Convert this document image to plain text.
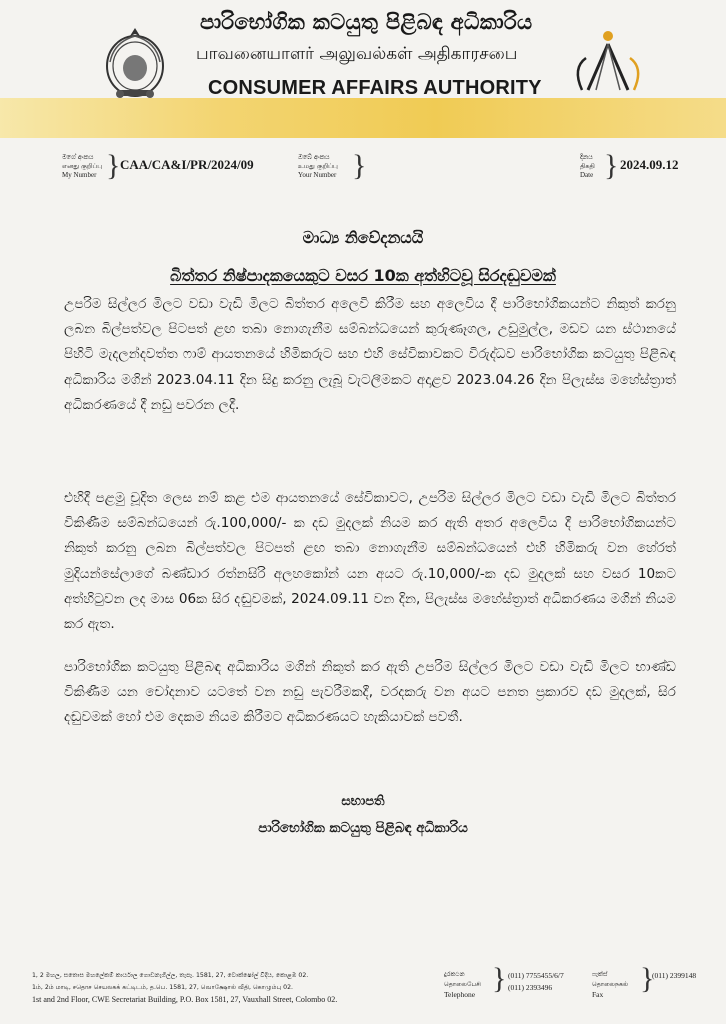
පාරිභෝගික කටයුතු පිළිබඳ අධිකාරිය
பாவனையாளர் அலுவல்கள் அதிகாரசபை
CONSUMER AFFAIRS AUTHORITY
මගේ අංකය
எனது குறிப்பு
My Number } CAA/CA&I/PR/2024/09	ඔබේ අංකය
உமது குறிப்பு
Your Number }	දිනය
திகதி
Date } 2024.09.12
මාධ්‍ය නිවේදනයයි
බිත්තර නිෂ්පාදකයෙකුට වසර 10ක අත්හිටවූ සිරදඬුවමක්
උපරිම සිල්ලර මිලට වඩා වැඩි මිලට බිත්තර අලෙවි කිරීම සහ අලෙවිය දී පාරිභෝගිකයන්ට නිකුත් කරනු ලබන බිල්පත්වල පිටපත් ළඟ තබා නොගැනීම සම්බන්ධයෙන් කුරුණෑගල, උඩුමුල්ල, මඩව යන ස්ථානයේ පිහිටි මැදලන්දවත්ත ෆාම් ආයතනයේ හිමිකරුට සහ එහි සේවිකාවකට විරුද්ධව පාරිභෝගික කටයුතු පිළිබඳ අධිකාරිය මගින් 2023.04.11 දින සිදු කරනු ලැබූ වැටලීමකට අදාළව 2023.04.26 දින පිලැස්ස මහේස්ත්‍රාත් අධිකරණයේ දී නඩු පවරන ලදී.
එහිදී පළමු චූදිත ලෙස නම් කළ එම ආයතනයේ සේවිකාවට, උපරිම සිල්ලර මිලට වඩා වැඩි මිලට බිත්තර විකිණීම සම්බන්ධයෙන් රු.100,000/- ක දඩ මුදලක් නියම කර ඇති අතර අලෙවිය දී පාරිභෝගිකයන්ට නිකුත් කරනු ලබන බිල්පත්වල පිටපත් ළඟ තබා නොගැනීම සම්බන්ධයෙන් එහි හිමිකරු වන හේරත් මුදියන්සේලාගේ බණ්ඩාර රත්නසිරි අලහකෝන් යන අයට රු.10,000/-ක දඩ මුදලක් සහ වසර 10කට අත්හිටුවන ලද මාස 06ක සිර දඬුවමක්, 2024.09.11 වන දින, පිලැස්ස මහේස්ත්‍රාත් අධිකරණය මගින් නියම කර ඇත.
පාරිභෝගික කටයුතු පිළිබඳ අධිකාරිය මගින් නිකුත් කර ඇති උපරිම සිල්ලර මිලට වඩා වැඩි මිලට භාණ්ඩ විකිණීම යන චෝදනාව යටතේ වන නඩු පැවරීමකදී, වරදකරු වන අයට පනත ප්‍රකාරව දඩ මුදලක්, සිර දඬුවමක් හෝ එම දෙකම නියම කිරීමට අධිකරණයට හැකියාවක් පවතී.
සභාපති
පාරිභෝගික කටයුතු පිළිබඳ අධිකාරිය
1, 2 මහල, සතොස මහලේකම් කාර්යාල ගොඩනැගිල්ල, තැපෑ. 1581, 27, වොක්ෂෝල් වීදිය, කොළඹ 02.
1ம், 2ம் மாடி, சதொச செயலகக் கட்டிடம், த.பெ. 1581, 27, வொக்ஷோல் வீதி, கொழும்பு 02.
1st and 2nd Floor, CWE Secretariat Building, P.O. Box 1581, 27, Vauxhall Street, Colombo 02.
දුරකථන
தொலைபேசி
Telephone } (011) 7755455/6/7
(011) 2393496
ෆැක්ස්
தொலைநகல்
Fax	}
(011) 2399148
